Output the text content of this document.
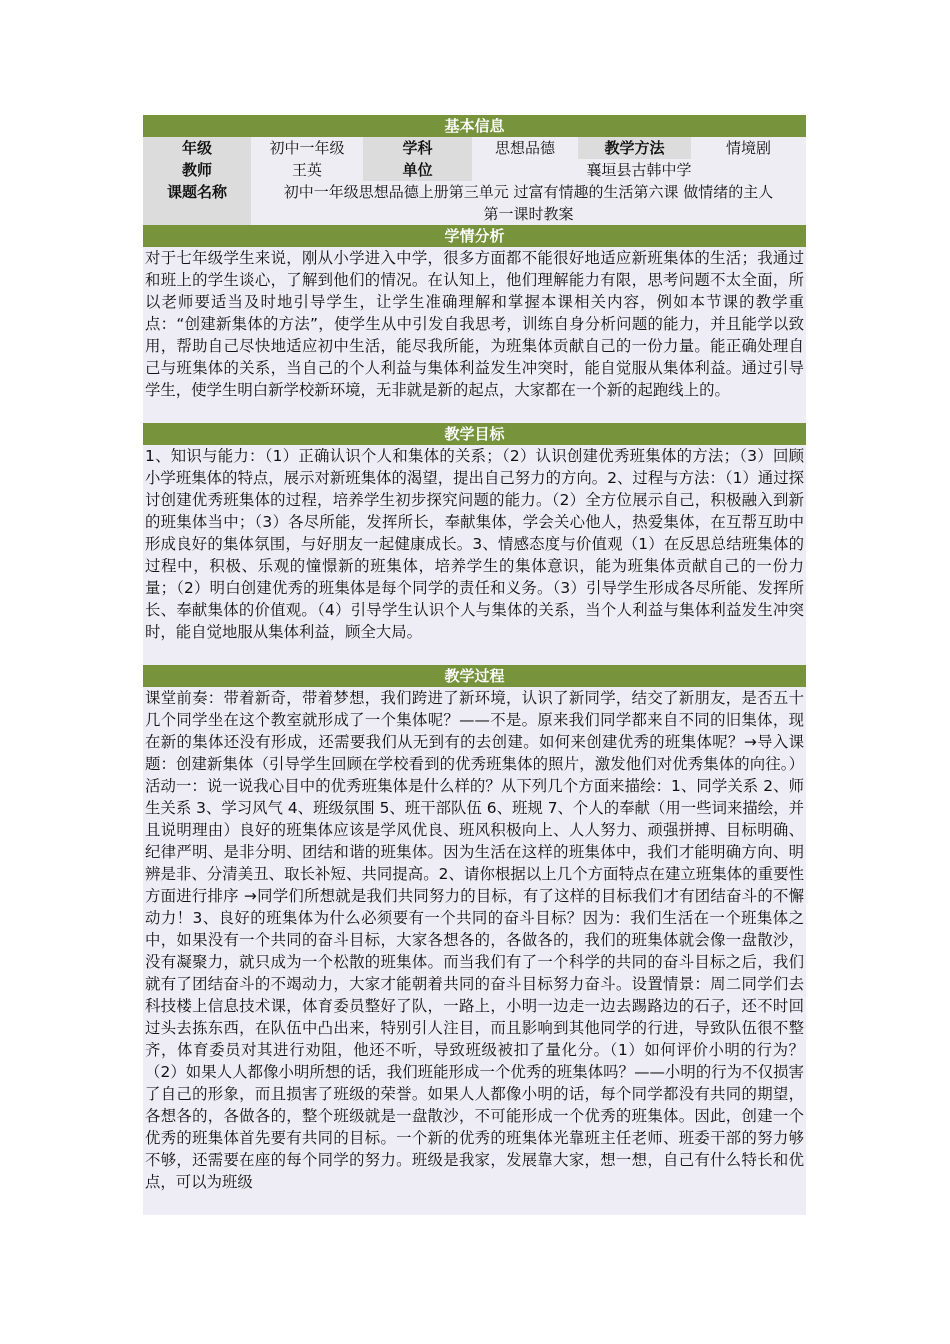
基本信息
年级	初中一年级	学科	思想品德	教学方法	情境剧
教师	王英	单位	襄垣县古韩中学		
课题名称	初中一年级思想品德上册第三单元 过富有情趣的生活第六课 做情绪的主人
第一课时教案				
学情分析
对于七年级学生来说，刚从小学进入中学，很多方面都不能很好地适应新班集体的生活；我通过和班上的学生谈心，了解到他们的情况。在认知上，他们理解能力有限，思考问题不太全面，所以老师要适当及时地引导学生，让学生准确理解和掌握本课相关内容，例如本节课的教学重点：“创建新集体的方法”，使学生从中引发自我思考，训练自身分析问题的能力，并且能学以致用，帮助自己尽快地适应初中生活，能尽我所能，为班集体贡献自己的一份力量。能正确处理自己与班集体的关系，当自己的个人利益与集体利益发生冲突时，能自觉服从集体利益。通过引导学生，使学生明白新学校新环境，无非就是新的起点，大家都在一个新的起跑线上的。
教学目标
1、知识与能力：（1）正确认识个人和集体的关系；（2）认识创建优秀班集体的方法；（3）回顾小学班集体的特点，展示对新班集体的渴望，提出自己努力的方向。2、过程与方法：（1）通过探讨创建优秀班集体的过程，培养学生初步探究问题的能力。（2）全方位展示自己，积极融入到新的班集体当中；（3）各尽所能，发挥所长，奉献集体，学会关心他人，热爱集体，在互帮互助中形成良好的集体氛围，与好朋友一起健康成长。3、情感态度与价值观（1）在反思总结班集体的过程中，积极、乐观的憧憬新的班集体，培养学生的集体意识，能为班集体贡献自己的一份力量；（2）明白创建优秀的班集体是每个同学的责任和义务。（3）引导学生形成各尽所能、发挥所长、奉献集体的价值观。（4）引导学生认识个人与集体的关系，当个人利益与集体利益发生冲突时，能自觉地服从集体利益，顾全大局。
教学过程
课堂前奏：带着新奇，带着梦想，我们跨进了新环境，认识了新同学，结交了新朋友，是否五十几个同学坐在这个教室就形成了一个集体呢？——不是。原来我们同学都来自不同的旧集体，现在新的集体还没有形成，还需要我们从无到有的去创建。如何来创建优秀的班集体呢？→导入课题：创建新集体（引导学生回顾在学校看到的优秀班集体的照片，激发他们对优秀集体的向往。）活动一：说一说我心目中的优秀班集体是什么样的？从下列几个方面来描绘：1、同学关系 2、师生关系 3、学习风气 4、班级氛围 5、班干部队伍 6、班规 7、个人的奉献（用一些词来描绘，并且说明理由）良好的班集体应该是学风优良、班风积极向上、人人努力、顽强拼搏、目标明确、纪律严明、是非分明、团结和谐的班集体。因为生活在这样的班集体中，我们才能明确方向、明辨是非、分清美丑、取长补短、共同提高。2、请你根据以上几个方面特点在建立班集体的重要性方面进行排序 →同学们所想就是我们共同努力的目标，有了这样的目标我们才有团结奋斗的不懈动力！3、良好的班集体为什么必须要有一个共同的奋斗目标？因为：我们生活在一个班集体之中，如果没有一个共同的奋斗目标，大家各想各的，各做各的，我们的班集体就会像一盘散沙，没有凝聚力，就只成为一个松散的班集体。而当我们有了一个科学的共同的奋斗目标之后，我们就有了团结奋斗的不竭动力，大家才能朝着共同的奋斗目标努力奋斗。设置情景：周二同学们去科技楼上信息技术课，体育委员整好了队，一路上，小明一边走一边去踢路边的石子，还不时回过头去拣东西，在队伍中凸出来，特别引人注目，而且影响到其他同学的行进，导致队伍很不整齐，体育委员对其进行劝阻，他还不听，导致班级被扣了量化分。（1）如何评价小明的行为？（2）如果人人都像小明所想的话，我们班能形成一个优秀的班集体吗？——小明的行为不仅损害了自己的形象，而且损害了班级的荣誉。如果人人都像小明的话，每个同学都没有共同的期望，各想各的，各做各的，整个班级就是一盘散沙，不可能形成一个优秀的班集体。因此，创建一个优秀的班集体首先要有共同的目标。一个新的优秀的班集体光靠班主任老师、班委干部的努力够不够，还需要在座的每个同学的努力。班级是我家，发展靠大家，想一想，自己有什么特长和优点，可以为班级
